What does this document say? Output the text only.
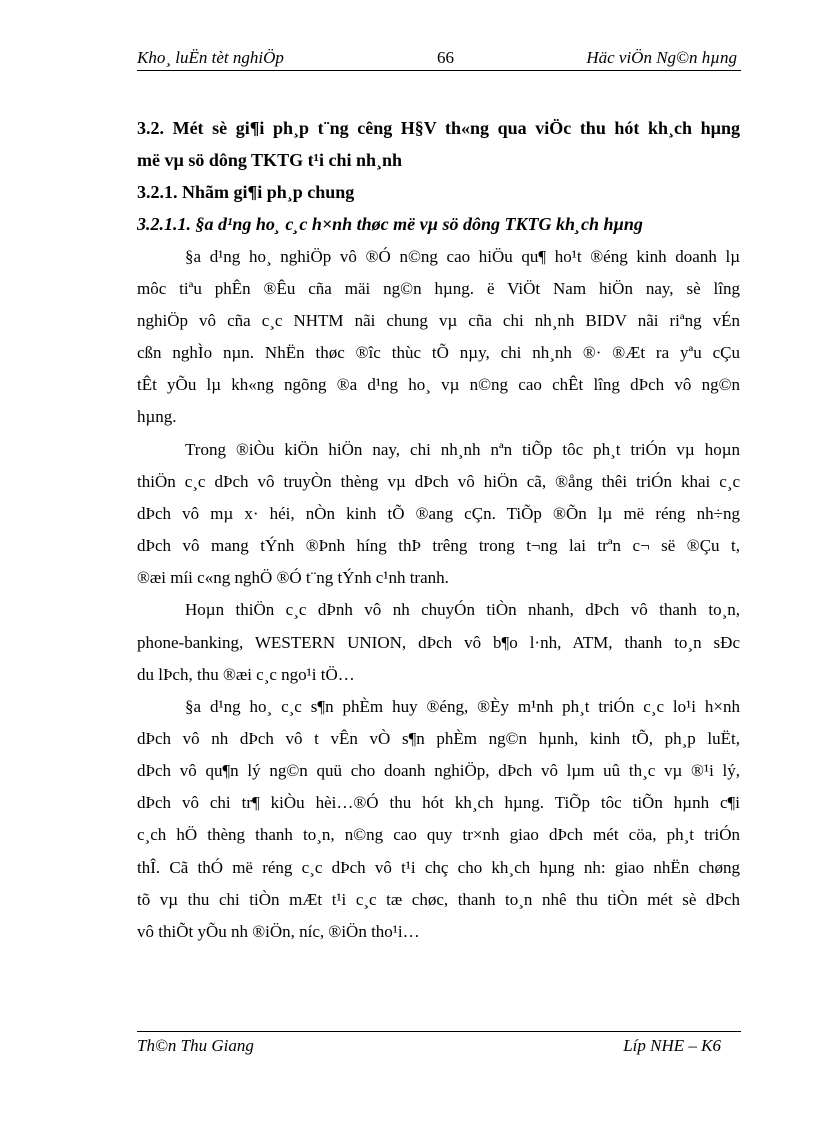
Kho¸ luËn tèt nghiÖp	66	Häc viÖn Ng©n hµng
3.2. Mét sè gi¶i ph¸p t¨ng cêng H§V th«ng qua viÖc thu hót kh¸ch hµng
më vµ sö dông TKTG t¹i chi nh¸nh
3.2.1. Nhãm gi¶i ph¸p chung
3.2.1.1. §a d¹ng ho¸ c¸c h×nh thøc më vµ sö dông TKTG kh¸ch hµng
§a d¹ng ho¸ nghiÖp vô ®Ó n©ng cao hiÖu qu¶ ho¹t ®éng kinh doanh lµ
môc tiªu phÊn ®Êu cña mäi ng©n hµng. ë ViÖt Nam hiÖn nay, sè lîng
nghiÖp vô cña c¸c NHTM nãi chung vµ cña chi nh¸nh BIDV nãi riªng vÉn
cßn nghÌo nµn. NhËn thøc ®îc thùc tÕ nµy, chi nh¸nh ®· ®Æt ra yªu cÇu
tÊt yÕu lµ kh«ng ngõng ®a d¹ng ho¸ vµ n©ng cao chÊt lîng dÞch vô ng©n
hµng.
Trong ®iÒu kiÖn hiÖn nay, chi nh¸nh nªn tiÕp tôc ph¸t triÓn vµ hoµn
thiÖn c¸c dÞch vô truyÒn thèng vµ dÞch vô hiÖn cã, ®ång thêi triÓn khai c¸c
dÞch vô mµ x· héi, nÒn kinh tÕ ®ang cÇn. TiÕp ®Õn lµ më réng nh÷ng
dÞch vô mang tÝnh ®Þnh híng thÞ trêng trong t¬ng lai trªn c¬ së ®Çu t,
®æi míi c«ng nghÖ ®Ó t¨ng tÝnh c¹nh tranh.
Hoµn thiÖn c¸c dÞnh vô nh chuyÓn tiÒn nhanh, dÞch vô thanh to¸n,
phone-banking, WESTERN UNION, dÞch vô b¶o l·nh, ATM, thanh to¸n sÐc
du lÞch, thu ®æi c¸c ngo¹i tÖ…
§a d¹ng ho¸ c¸c s¶n phÈm huy ®éng, ®Èy m¹nh ph¸t triÓn c¸c lo¹i h×nh
dÞch vô nh dÞch vô t vÊn vÒ s¶n phÈm ng©n hµnh, kinh tÕ, ph¸p luËt,
dÞch vô qu¶n lý ng©n quü cho doanh nghiÖp, dÞch vô lµm uû th¸c vµ ®¹i lý,
dÞch vô chi tr¶ kiÒu hèi…®Ó thu hót kh¸ch hµng. TiÕp tôc tiÕn hµnh c¶i
c¸ch hÖ thèng thanh to¸n, n©ng cao quy tr×nh giao dÞch mét cöa, ph¸t triÓn
thÎ. Cã thÓ më réng c¸c dÞch vô t¹i chç cho kh¸ch hµng nh: giao nhËn chøng
tõ vµ thu chi tiÒn mÆt t¹i c¸c tæ chøc, thanh to¸n nhê thu tiÒn mét sè dÞch
vô thiÕt yÕu nh ®iÖn, níc, ®iÖn tho¹i…
Th©n Thu Giang	Líp NHE – K6
